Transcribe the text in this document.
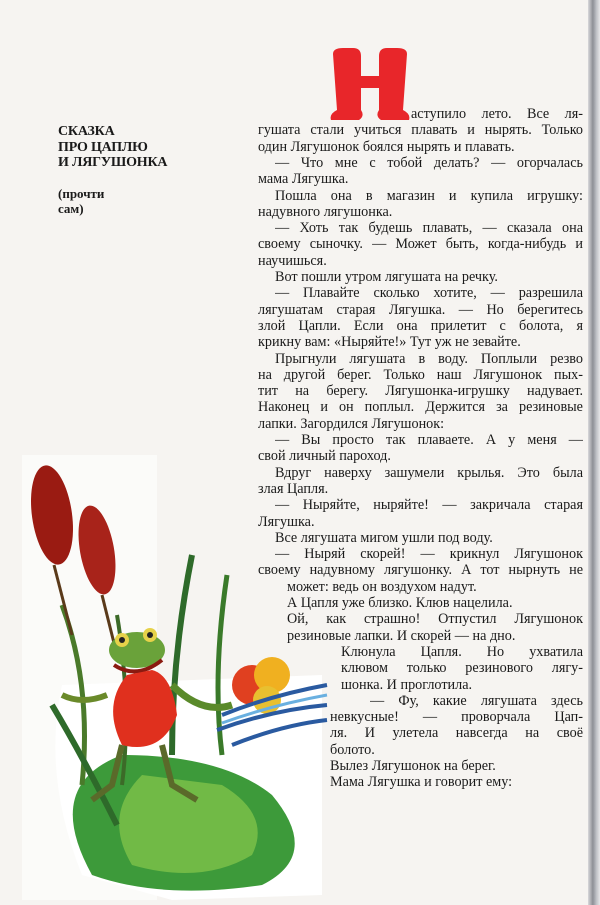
СКАЗКА
ПРО ЦАПЛЮ
И ЛЯГУШОНКА
(прочти сам)
аступило лето. Все ля-
гушата стали учиться плавать и нырять. Только
один Лягушонок боялся нырять и плавать.
— Что мне с тобой делать? — огорчалась
мама Лягушка.
Пошла она в магазин и купила игрушку:
надувного лягушонка.
— Хоть так будешь плавать, — сказала она
своему сыночку. — Может быть, когда-нибудь и
научишься.
Вот пошли утром лягушата на речку.
— Плавайте сколько хотите, — разрешила
лягушатам старая Лягушка. — Но берегитесь
злой Цапли. Если она прилетит с болота, я
крикну вам: «Ныряйте!» Тут уж не зевайте.
Прыгнули лягушата в воду. Поплыли резво
на другой берег. Только наш Лягушонок пых-
тит на берегу. Лягушонка-игрушку надувает.
Наконец и он поплыл. Держится за резиновые
лапки. Загордился Лягушонок:
— Вы просто так плаваете. А у меня —
свой личный пароход.
Вдруг наверху зашумели крылья. Это была
злая Цапля.
— Ныряйте, ныряйте! — закричала старая
Лягушка.
Все лягушата мигом ушли под воду.
— Ныряй скорей! — крикнул Лягушонок
своему надувному лягушонку. А тот нырнуть не
может: ведь он воздухом надут.
А Цапля уже близко. Клюв нацелила.
Ой, как страшно! Отпустил Лягушонок
резиновые лапки. И скорей — на дно.
Клюнула Цапля. Но ухватила
клювом только резинового лягу-
шонка. И проглотила.
— Фу, какие лягушата здесь
невкусные! — проворчала Цап-
ля. И улетела навсегда на своё
болото.
Вылез Лягушонок на берег.
Мама Лягушка и говорит ему:
